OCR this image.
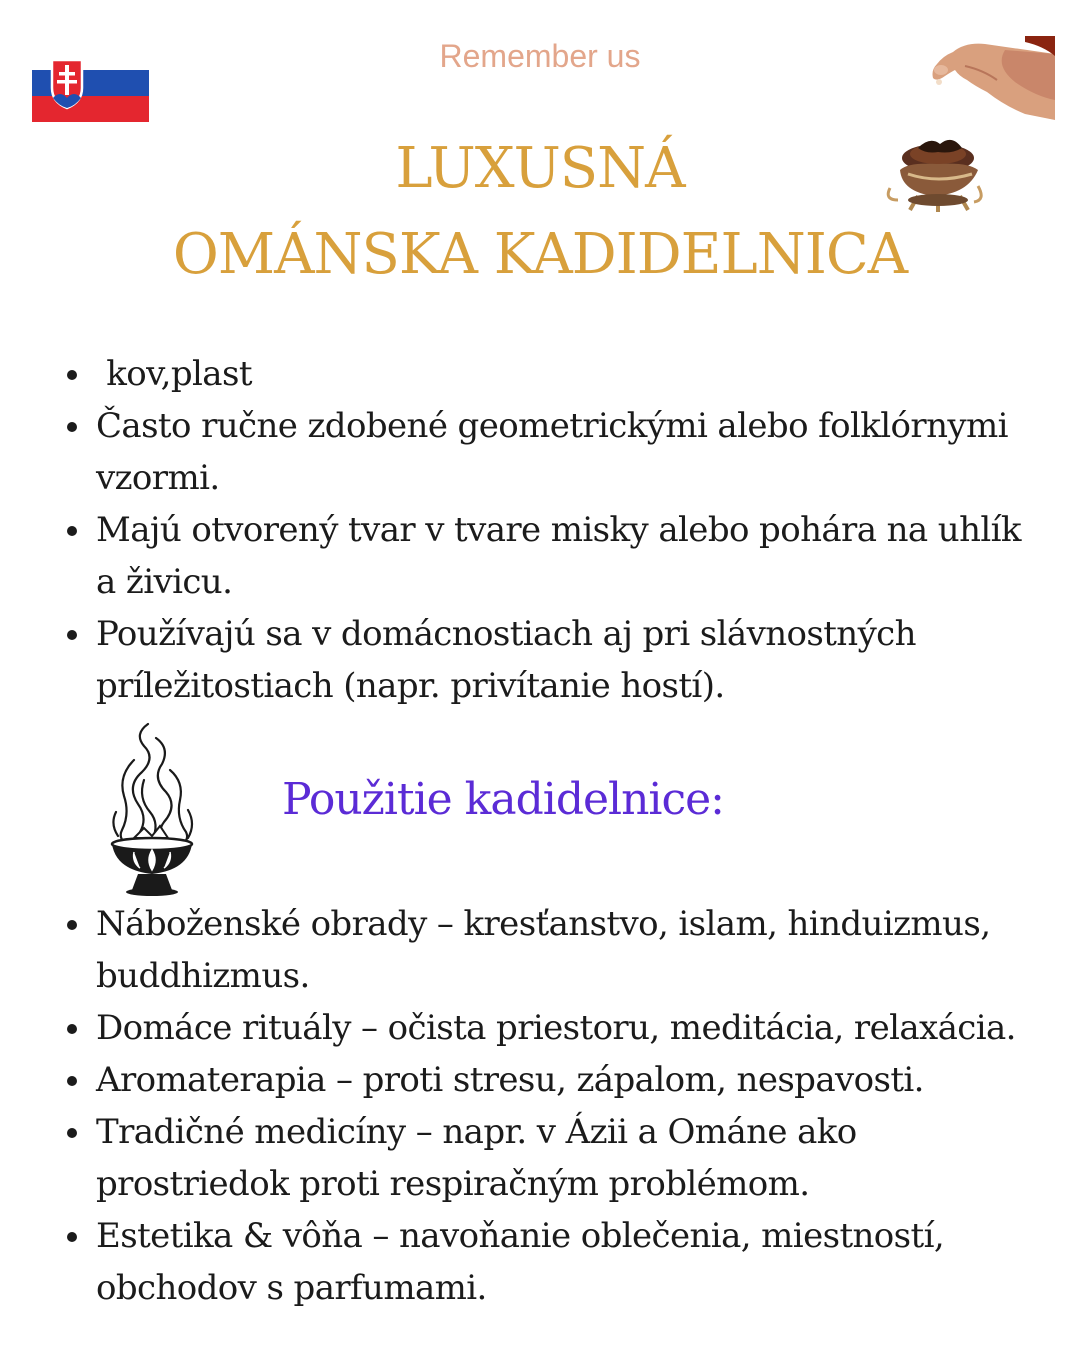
Remember us
LUXUSNÁ
OMÁNSKA KADIDELNICA
kov,plast
Často ručne zdobené geometrickými alebo folklórnymi vzormi.
Majú otvorený tvar v tvare misky alebo pohára na uhlík a živicu.
Používajú sa v domácnostiach aj pri slávnostných príležitostiach (napr. privítanie hostí).
Použitie kadidelnice:
Náboženské obrady – kresťanstvo, islam, hinduizmus, buddhizmus.
Domáce rituály – očista priestoru, meditácia, relaxácia.
Aromaterapia – proti stresu, zápalom, nespavosti.
Tradičné medicíny – napr. v Ázii a Ománe ako prostriedok proti respiračným problémom.
Estetika & vôňa – navoňanie oblečenia, miestností, obchodov s parfumami.
